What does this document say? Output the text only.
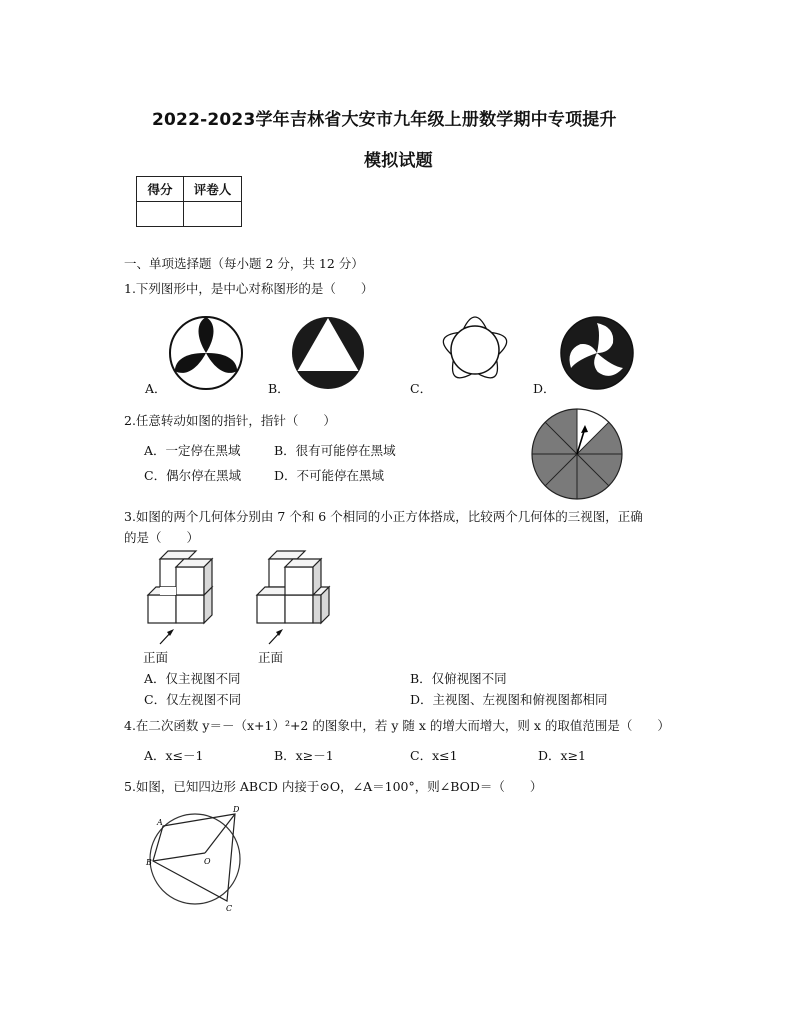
2022-2023学年吉林省大安市九年级上册数学期中专项提升
模拟试题
得分	评卷人

一、单项选择题（每小题 2 分，共 12 分）
1.下列图形中，是中心对称图形的是（　　）
A．	B．	C．	D．
2.任意转动如图的指针，指针（　　）
A．一定停在黑域	B．很有可能停在黑域
C．偶尔停在黑域	D．不可能停在黑域
3.如图的两个几何体分别由 7 个和 6 个相同的小正方体搭成，比较两个几何体的三视图，正确
的是（　　）
正面	正面
A．仅主视图不同	B．仅俯视图不同
C．仅左视图不同	D．主视图、左视图和俯视图都相同
4.在二次函数 y＝－（x+1）²+2 的图象中，若 y 随 x 的增大而增大，则 x 的取值范围是（　　）
A．x≤－1	B．x≥－1	C．x≤1	D．x≥1
5.如图，已知四边形 ABCD 内接于⊙O，∠A＝100°，则∠BOD＝（　　）
A
B
C
D
O
